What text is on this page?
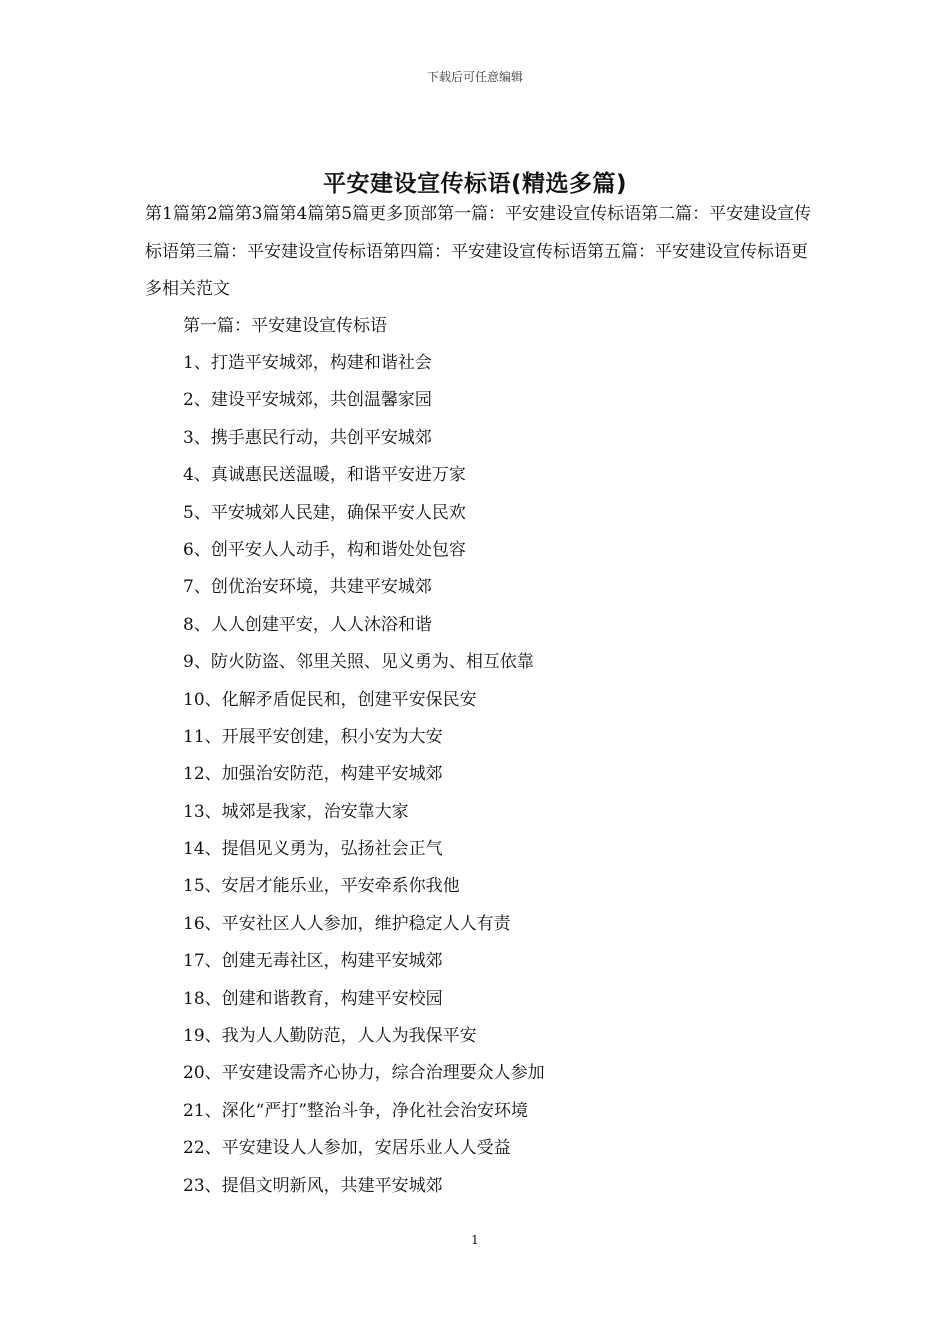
下载后可任意编辑
平安建设宣传标语(精选多篇)

第1篇第2篇第3篇第4篇第5篇更多顶部第一篇：平安建设宣传标语第二篇：平安建设宣传标语第三篇：平安建设宣传标语第四篇：平安建设宣传标语第五篇：平安建设宣传标语更多相关范文

第一篇：平安建设宣传标语

1、打造平安城郊，构建和谐社会
2、建设平安城郊，共创温馨家园
3、携手惠民行动，共创平安城郊
4、真诚惠民送温暖，和谐平安进万家
5、平安城郊人民建，确保平安人民欢
6、创平安人人动手，构和谐处处包容
7、创优治安环境，共建平安城郊
8、人人创建平安，人人沐浴和谐
9、防火防盗、邻里关照、见义勇为、相互依靠
10、化解矛盾促民和，创建平安保民安
11、开展平安创建，积小安为大安
12、加强治安防范，构建平安城郊
13、城郊是我家，治安靠大家
14、提倡见义勇为，弘扬社会正气
15、安居才能乐业，平安牵系你我他
16、平安社区人人参加，维护稳定人人有责
17、创建无毒社区，构建平安城郊
18、创建和谐教育，构建平安校园
19、我为人人勤防范，人人为我保平安
20、平安建设需齐心协力，综合治理要众人参加
21、深化“严打”整治斗争，净化社会治安环境
22、平安建设人人参加，安居乐业人人受益
23、提倡文明新风，共建平安城郊
1
